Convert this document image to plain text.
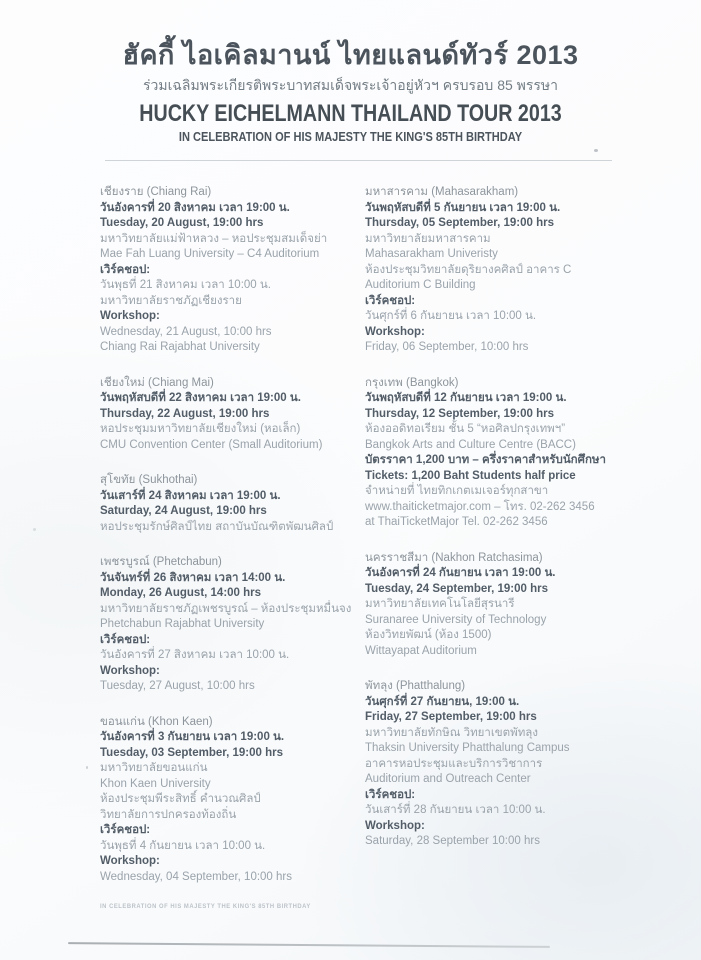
ฮัคกี้ ไอเคิลมานน์ ไทยแลนด์ทัวร์ 2013
ร่วมเฉลิมพระเกียรติพระบาทสมเด็จพระเจ้าอยู่หัวฯ ครบรอบ 85 พรรษา
HUCKY EICHELMANN THAILAND TOUR 2013
IN CELEBRATION OF HIS MAJESTY THE KING'S 85TH BIRTHDAY

เชียงราย (Chiang Rai)

วันอังคารที่ 20 สิงหาคม เวลา 19:00 น.

Tuesday, 20 August, 19:00 hrs

มหาวิทยาลัยแม่ฟ้าหลวง – หอประชุมสมเด็จย่า

Mae Fah Luang University – C4 Auditorium

เวิร์คชอป:

วันพุธที่ 21 สิงหาคม เวลา 10:00 น.

มหาวิทยาลัยราชภัฏเชียงราย

Workshop:

Wednesday, 21 August, 10:00 hrs

Chiang Rai Rajabhat University

เชียงใหม่ (Chiang Mai)

วันพฤหัสบดีที่ 22 สิงหาคม เวลา 19:00 น.

Thursday, 22 August, 19:00 hrs

หอประชุมมหาวิทยาลัยเชียงใหม่ (หอเล็ก)

CMU Convention Center (Small Auditorium)

สุโขทัย (Sukhothai)

วันเสาร์ที่ 24 สิงหาคม เวลา 19:00 น.

Saturday, 24 August, 19:00 hrs

หอประชุมรักษ์ศิลป์ไทย สถาบันบัณฑิตพัฒนศิลป์

เพชรบูรณ์ (Phetchabun)

วันจันทร์ที่ 26 สิงหาคม เวลา 14:00 น.

Monday, 26 August, 14:00 hrs

มหาวิทยาลัยราชภัฏเพชรบูรณ์ – ห้องประชุมหมื่นจง

Phetchabun Rajabhat University

เวิร์คชอป:

วันอังคารที่ 27 สิงหาคม เวลา 10:00 น.

Workshop:

Tuesday, 27 August, 10:00 hrs

ขอนแก่น (Khon Kaen)

วันอังคารที่ 3 กันยายน เวลา 19:00 น.

Tuesday, 03 September, 19:00 hrs

มหาวิทยาลัยขอนแก่น

Khon Kaen University

ห้องประชุมพีระสิทธิ์ คำนวณศิลป์

วิทยาลัยการปกครองท้องถิ่น

เวิร์คชอป:

วันพุธที่ 4 กันยายน เวลา 10:00 น.

Workshop:

Wednesday, 04 September, 10:00 hrs

มหาสารคาม (Mahasarakham)

วันพฤหัสบดีที่ 5 กันยายน เวลา 19:00 น.

Thursday, 05 September, 19:00 hrs

มหาวิทยาลัยมหาสารคาม

Mahasarakham Univeristy

ห้องประชุมวิทยาลัยดุริยางคศิลป์ อาคาร C

Auditorium C Building

เวิร์คชอป:

วันศุกร์ที่ 6 กันยายน เวลา 10:00 น.

Workshop:

Friday, 06 September, 10:00 hrs

กรุงเทพ (Bangkok)

วันพฤหัสบดีที่ 12 กันยายน เวลา 19:00 น.

Thursday, 12 September, 19:00 hrs

ห้องออดิทอเรียม ชั้น 5 “หอศิลปกรุงเทพฯ”

Bangkok Arts and Culture Centre (BACC)

บัตรราคา 1,200 บาท – ครึ่งราคาสำหรับนักศึกษา

Tickets: 1,200 Baht Students half price

จำหน่ายที่ ไทยทิกเกตเมเจอร์ทุกสาขา

www.thaiticketmajor.com – โทร. 02-262 3456

at ThaiTicketMajor Tel. 02-262 3456

นครราชสีมา (Nakhon Ratchasima)

วันอังคารที่ 24 กันยายน เวลา 19:00 น.

Tuesday, 24 September, 19:00 hrs

มหาวิทยาลัยเทคโนโลยีสุรนารี

Suranaree University of Technology

ห้องวิทยพัฒน์ (ห้อง 1500)

Wittayapat Auditorium

พัทลุง (Phatthalung)

วันศุกร์ที่ 27 กันยายน, 19:00 น.

Friday, 27 September, 19:00 hrs

มหาวิทยาลัยทักษิณ วิทยาเขตพัทลุง

Thaksin University Phatthalung Campus

อาคารหอประชุมและบริการวิชาการ

Auditorium and Outreach Center

เวิร์คชอป:

วันเสาร์ที่ 28 กันยายน เวลา 10:00 น.

Workshop:

Saturday, 28 September 10:00 hrs

IN CELEBRATION OF HIS MAJESTY THE KING'S 85TH BIRTHDAY
